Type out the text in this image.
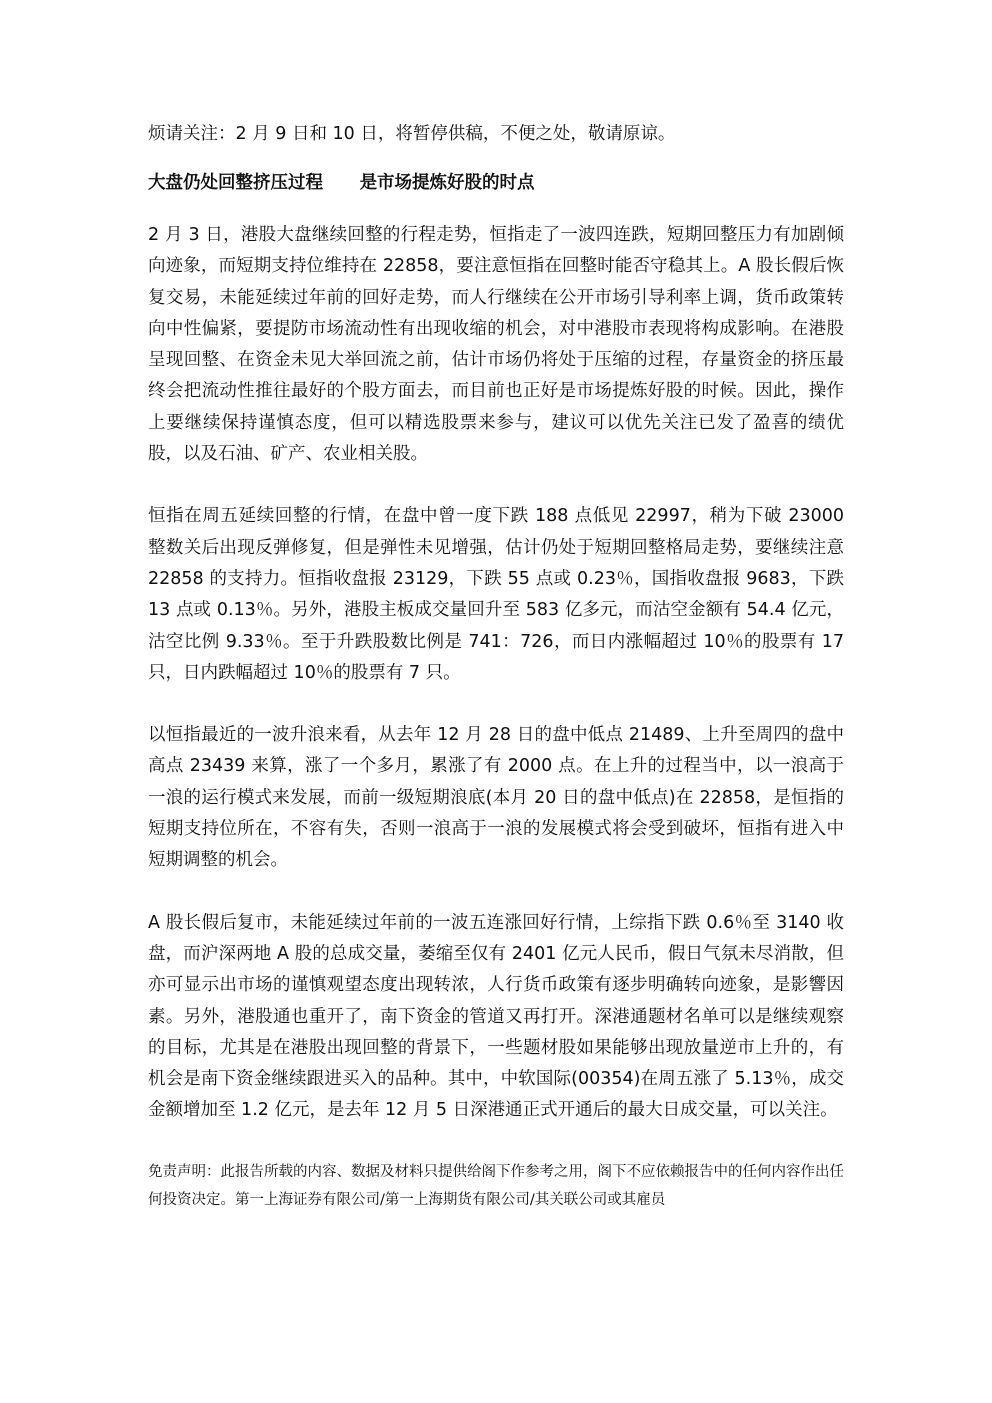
烦请关注：2 月 9 日和 10 日，将暂停供稿，不便之处，敬请原谅。

大盘仍处回整挤压过程 是市场提炼好股的时点

2 月 3 日，港股大盘继续回整的行程走势，恒指走了一波四连跌，短期回整压力有加剧倾向迹象，而短期支持位维持在 22858，要注意恒指在回整时能否守稳其上。A 股长假后恢复交易，未能延续过年前的回好走势，而人行继续在公开市场引导利率上调，货币政策转向中性偏紧，要提防市场流动性有出现收缩的机会，对中港股市表现将构成影响。在港股呈现回整、在资金未见大举回流之前，估计市场仍将处于压缩的过程，存量资金的挤压最终会把流动性推往最好的个股方面去，而目前也正好是市场提炼好股的时候。因此，操作上要继续保持谨慎态度，但可以精选股票来参与，建议可以优先关注已发了盈喜的绩优股，以及石油、矿产、农业相关股。

恒指在周五延续回整的行情，在盘中曾一度下跌 188 点低见 22997，稍为下破 23000 整数关后出现反弹修复，但是弹性未见增强，估计仍处于短期回整格局走势，要继续注意 22858 的支持力。恒指收盘报 23129，下跌 55 点或 0.23％，国指收盘报 9683，下跌 13 点或 0.13％。另外，港股主板成交量回升至 583 亿多元，而沽空金额有 54.4 亿元，沽空比例 9.33％。至于升跌股数比例是 741：726，而日内涨幅超过 10％的股票有 17 只，日内跌幅超过 10％的股票有 7 只。

以恒指最近的一波升浪来看，从去年 12 月 28 日的盘中低点 21489、上升至周四的盘中高点 23439 来算，涨了一个多月，累涨了有 2000 点。在上升的过程当中，以一浪高于一浪的运行模式来发展，而前一级短期浪底(本月 20 日的盘中低点)在 22858，是恒指的短期支持位所在，不容有失，否则一浪高于一浪的发展模式将会受到破坏，恒指有进入中短期调整的机会。

A 股长假后复市，未能延续过年前的一波五连涨回好行情，上综指下跌 0.6％至 3140 收盘，而沪深两地 A 股的总成交量，萎缩至仅有 2401 亿元人民币，假日气氛未尽消散，但亦可显示出市场的谨慎观望态度出现转浓，人行货币政策有逐步明确转向迹象，是影響因素。另外，港股通也重开了，南下资金的管道又再打开。深港通题材名单可以是继续观察的目标，尤其是在港股出现回整的背景下，一些题材股如果能够出现放量逆市上升的，有机会是南下资金继续跟进买入的品种。其中，中软国际(00354)在周五涨了 5.13％，成交金额增加至 1.2 亿元，是去年 12 月 5 日深港通正式开通后的最大日成交量，可以关注。

免责声明：此报告所载的内容、数据及材料只提供给阁下作参考之用，阁下不应依赖报告中的任何内容作出任何投资决定。第一上海证券有限公司/第一上海期货有限公司/其关联公司或其雇员
